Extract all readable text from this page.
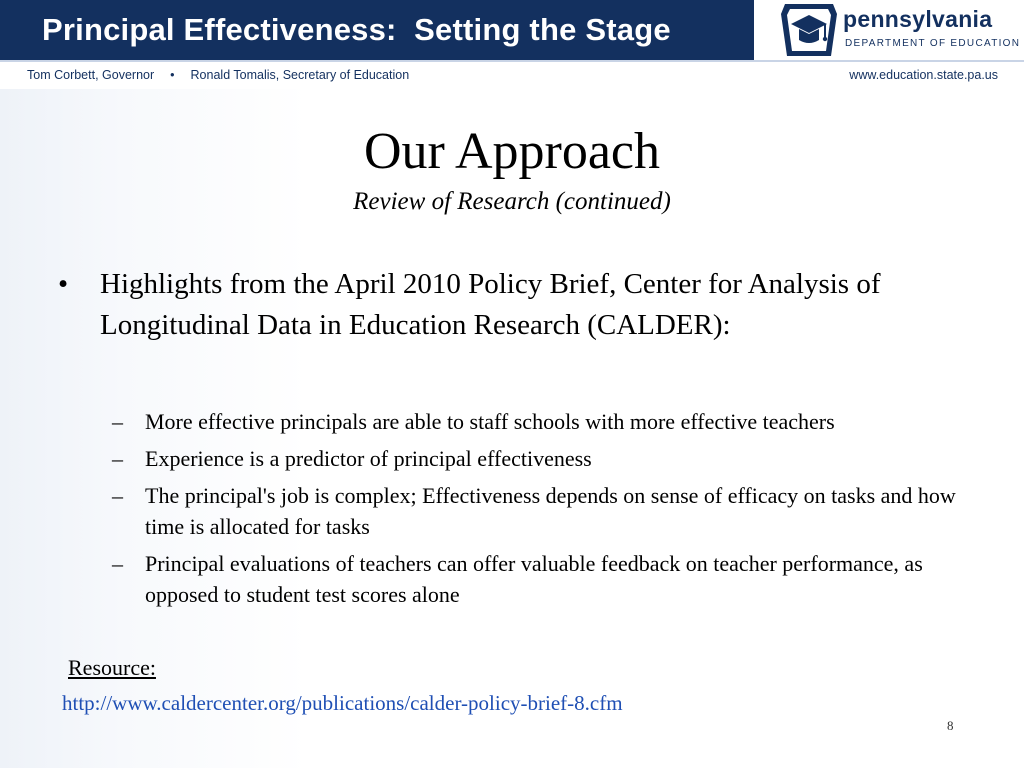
Principal Effectiveness:  Setting the Stage	pennsylvania
DEPARTMENT OF EDUCATION
Tom Corbett, Governor • Ronald Tomalis, Secretary of Education	www.education.state.pa.us
Our Approach
Review of Research (continued)
•	Highlights from the April 2010 Policy Brief, Center for Analysis of Longitudinal Data in Education Research (CALDER):
–	More effective principals are able to staff schools with more effective teachers
–	Experience is a predictor of principal effectiveness
–	The principal's job is complex; Effectiveness depends on sense of efficacy on tasks and how time is allocated for tasks
–	Principal evaluations of teachers can offer valuable feedback on teacher performance, as opposed to student test scores alone
Resource:
http://www.caldercenter.org/publications/calder-policy-brief-8.cfm
8
